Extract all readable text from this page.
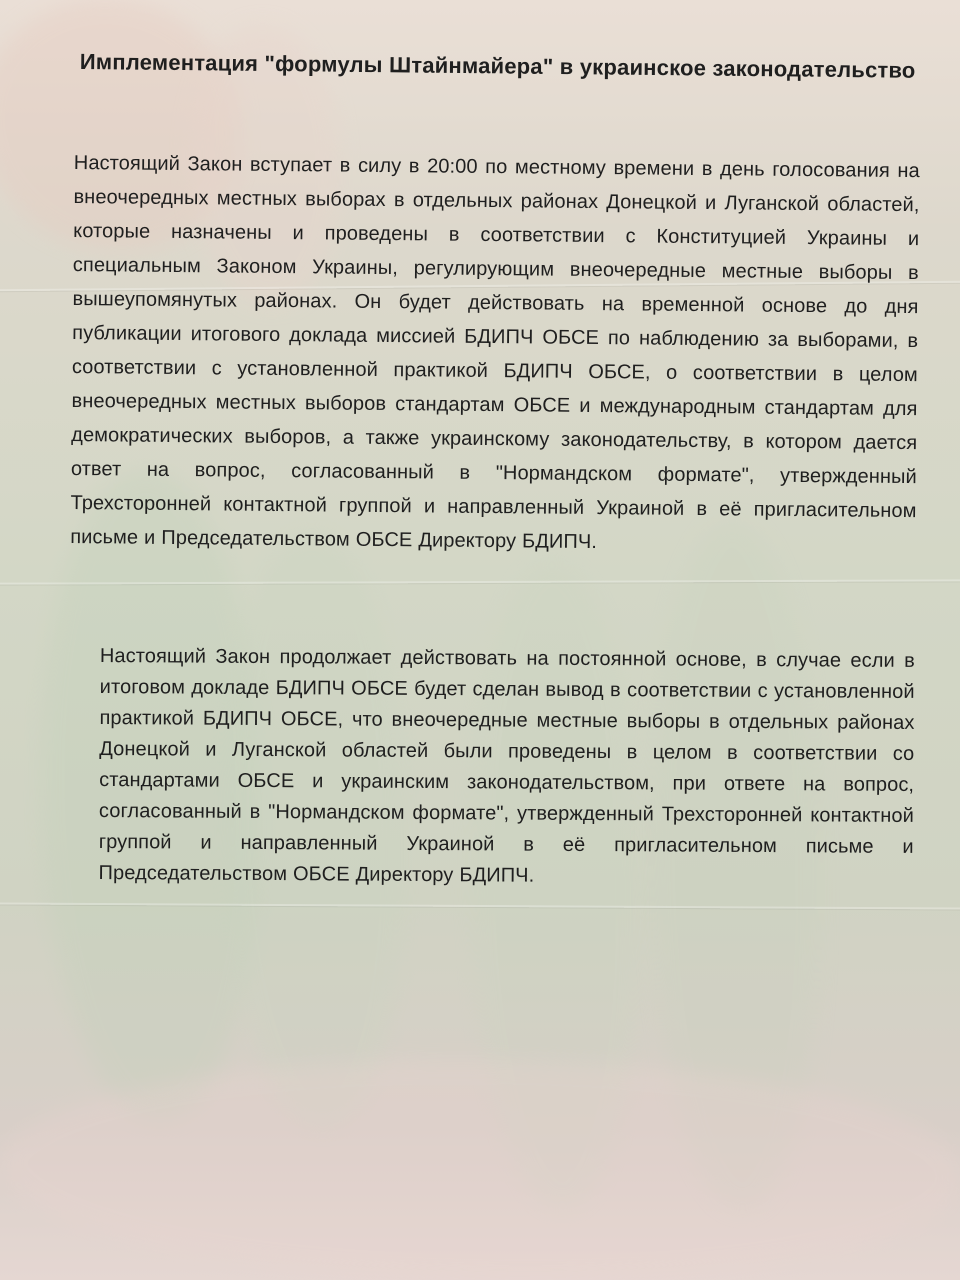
Имплементация "формулы Штайнмайера" в украинское законодательство

Настоящий Закон вступает в силу в 20:00 по местному времени в день голосования на внеочередных местных выборах в отдельных районах Донецкой и Луганской областей, которые назначены и проведены в соответствии с Конституцией Украины и специальным Законом Украины, регулирующим внеочередные местные выборы в вышеупомянутых районах. Он будет действовать на временной основе до дня публикации итогового доклада миссией БДИПЧ ОБСЕ по наблюдению за выборами, в соответствии с установленной практикой БДИПЧ ОБСЕ, о соответствии в целом внеочередных местных выборов стандартам ОБСЕ и международным стандартам для демократических выборов, а также украинскому законодательству, в котором дается ответ на вопрос, согласованный в "Нормандском формате", утвержденный Трехсторонней контактной группой и направленный Украиной в её пригласительном письме и Председательством ОБСЕ Директору БДИПЧ.

Настоящий Закон продолжает действовать на постоянной основе, в случае если в итоговом докладе БДИПЧ ОБСЕ будет сделан вывод в соответствии с установленной практикой БДИПЧ ОБСЕ, что внеочередные местные выборы в отдельных районах Донецкой и Луганской областей были проведены в целом в соответствии со стандартами ОБСЕ и украинским законодательством, при ответе на вопрос, согласованный в "Нормандском формате", утвержденный Трехсторонней контактной группой и направленный Украиной в её пригласительном письме и Председательством ОБСЕ Директору БДИПЧ.
